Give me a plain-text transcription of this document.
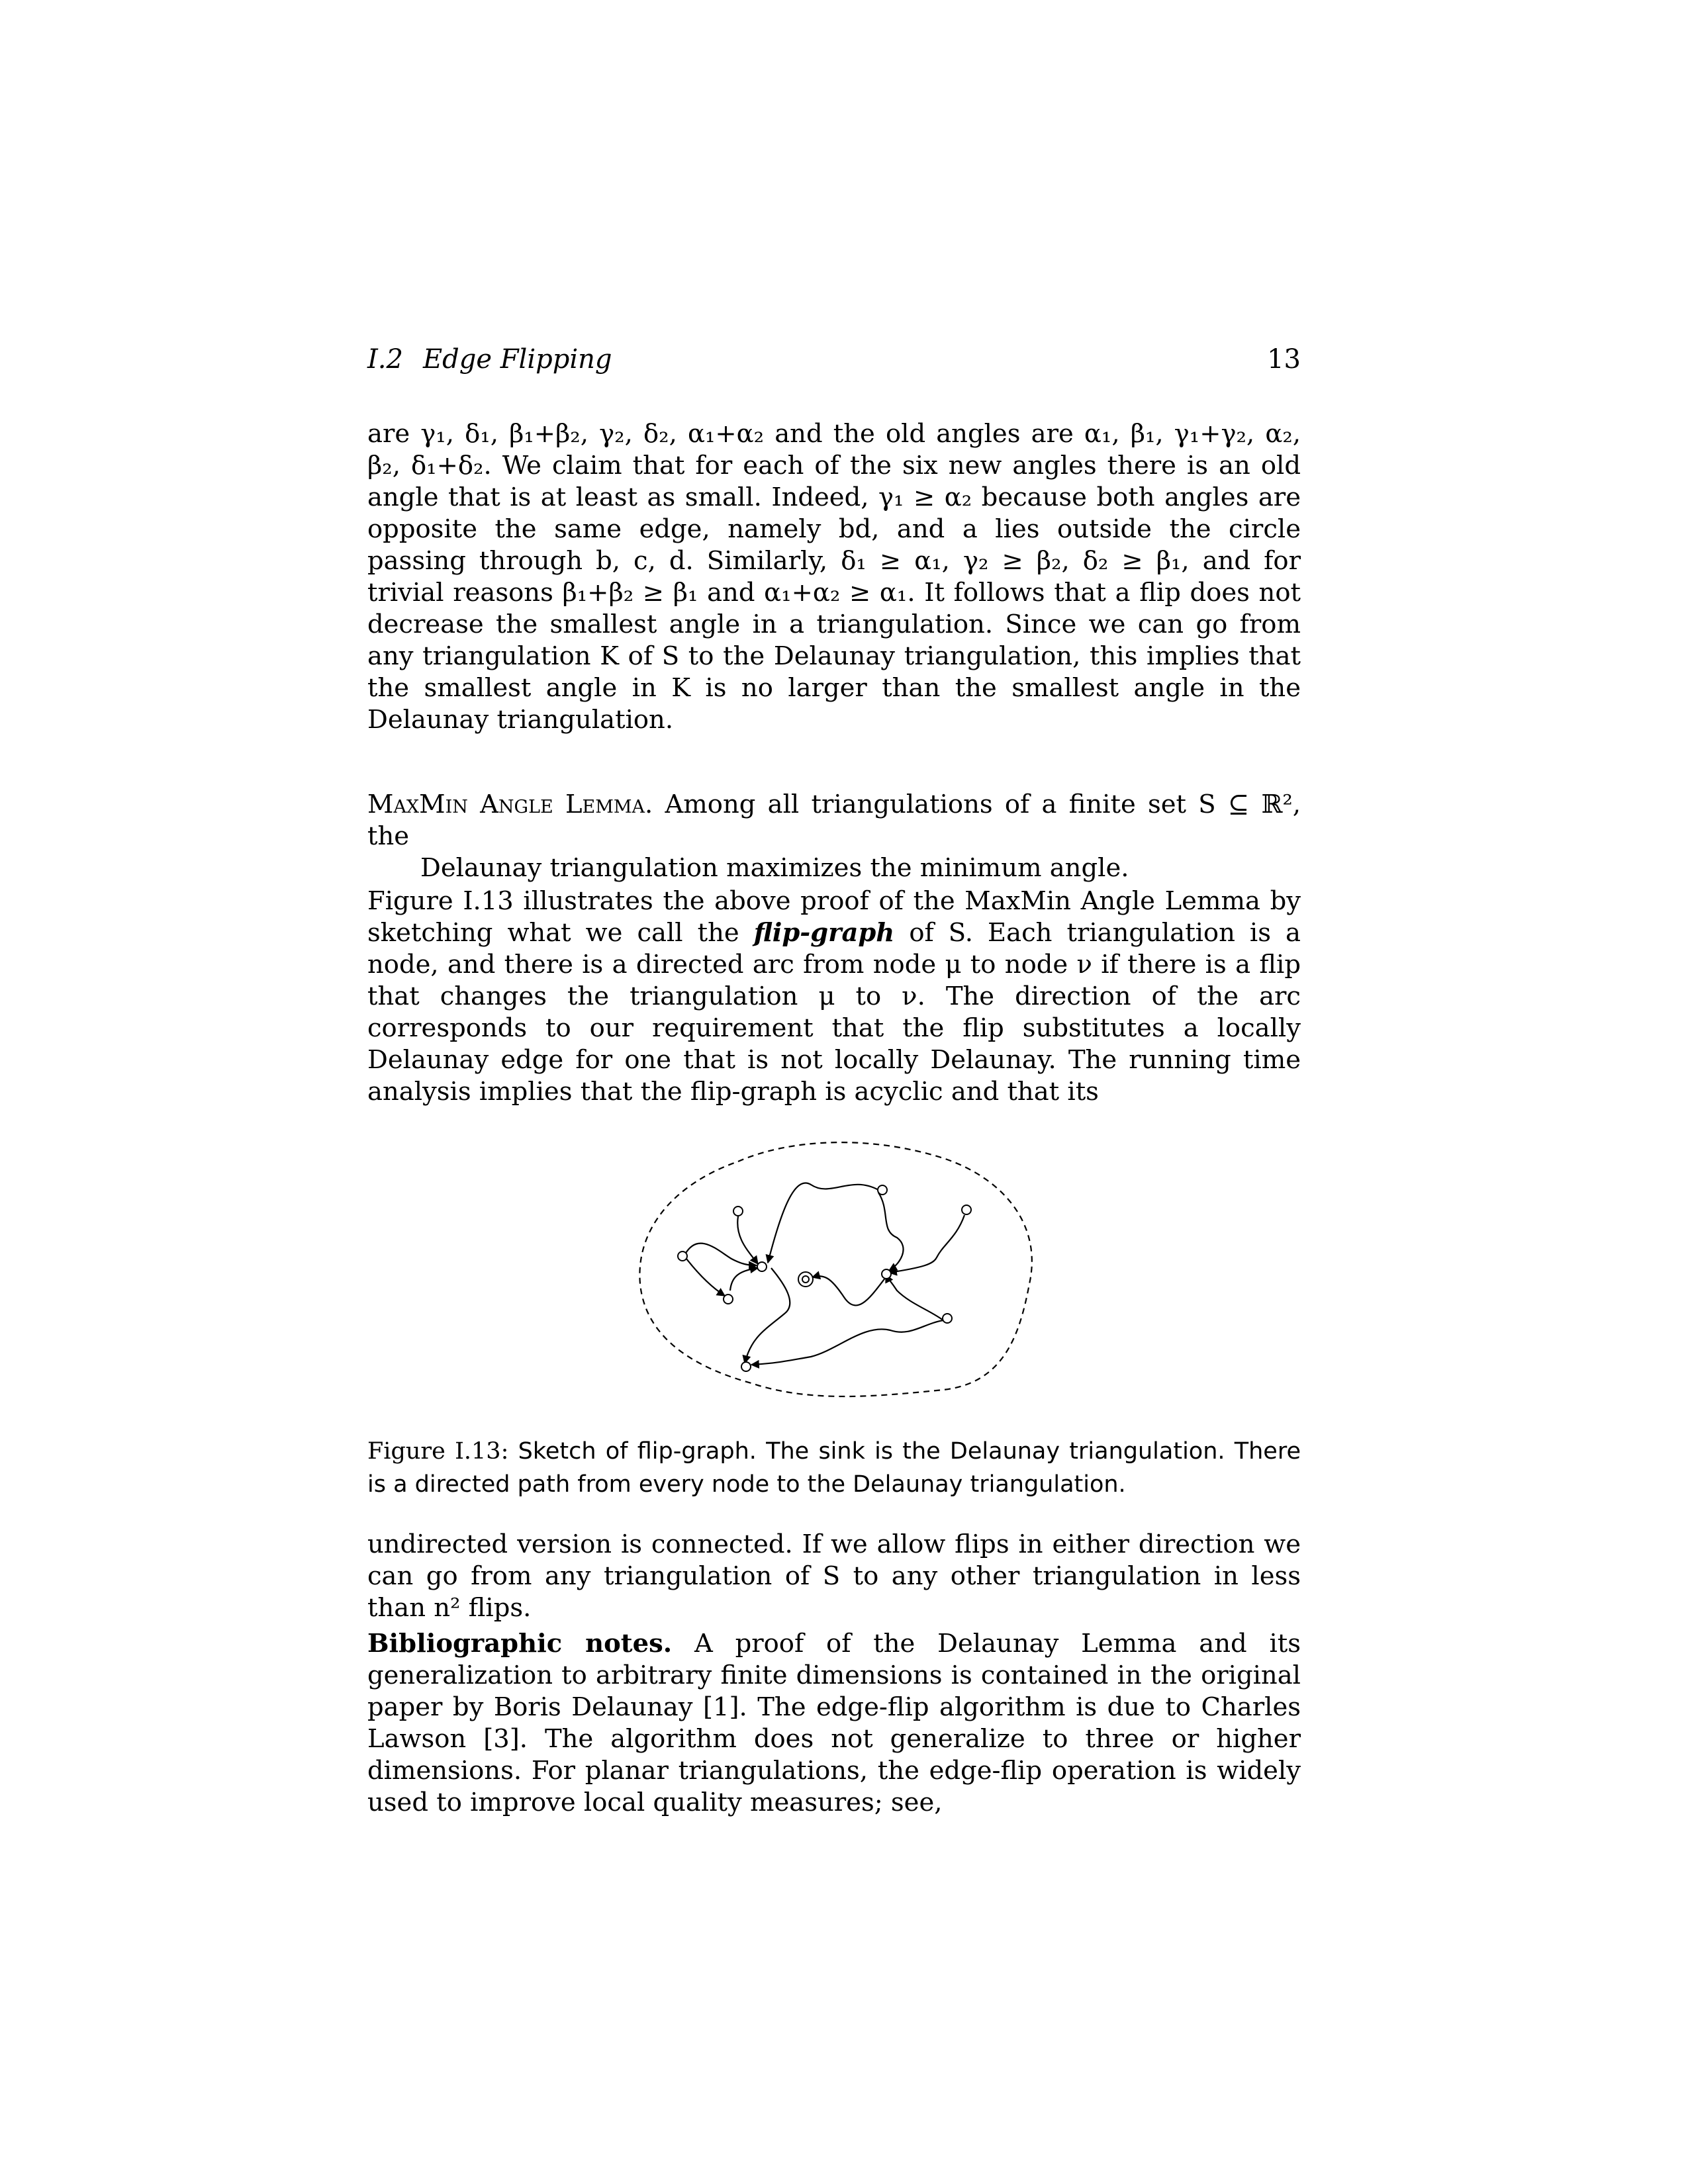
I.2 Edge Flipping	13

are γ₁, δ₁, β₁+β₂, γ₂, δ₂, α₁+α₂ and the old angles are α₁, β₁, γ₁+γ₂, α₂, β₂, δ₁+δ₂. We claim that for each of the six new angles there is an old angle that is at least as small. Indeed, γ₁ ≥ α₂ because both angles are opposite the same edge, namely bd, and a lies outside the circle passing through b, c, d. Similarly, δ₁ ≥ α₁, γ₂ ≥ β₂, δ₂ ≥ β₁, and for trivial reasons β₁+β₂ ≥ β₁ and α₁+α₂ ≥ α₁. It follows that a flip does not decrease the smallest angle in a triangulation. Since we can go from any triangulation K of S to the Delaunay triangulation, this implies that the smallest angle in K is no larger than the smallest angle in the Delaunay triangulation.

MaxMin Angle Lemma. Among all triangulations of a finite set S ⊆ ℝ², the
Delaunay triangulation maximizes the minimum angle.

Figure I.13 illustrates the above proof of the MaxMin Angle Lemma by sketching what we call the flip-graph of S. Each triangulation is a node, and there is a directed arc from node μ to node ν if there is a flip that changes the triangulation μ to ν. The direction of the arc corresponds to our requirement that the flip substitutes a locally Delaunay edge for one that is not locally Delaunay. The running time analysis implies that the flip-graph is acyclic and that its

Figure I.13: Sketch of flip-graph. The sink is the Delaunay triangulation. There is a directed path from every node to the Delaunay triangulation.

undirected version is connected. If we allow flips in either direction we can go from any triangulation of S to any other triangulation in less than n² flips.

Bibliographic notes. A proof of the Delaunay Lemma and its generalization to arbitrary finite dimensions is contained in the original paper by Boris Delaunay [1]. The edge-flip algorithm is due to Charles Lawson [3]. The algorithm does not generalize to three or higher dimensions. For planar triangulations, the edge-flip operation is widely used to improve local quality measures; see,
